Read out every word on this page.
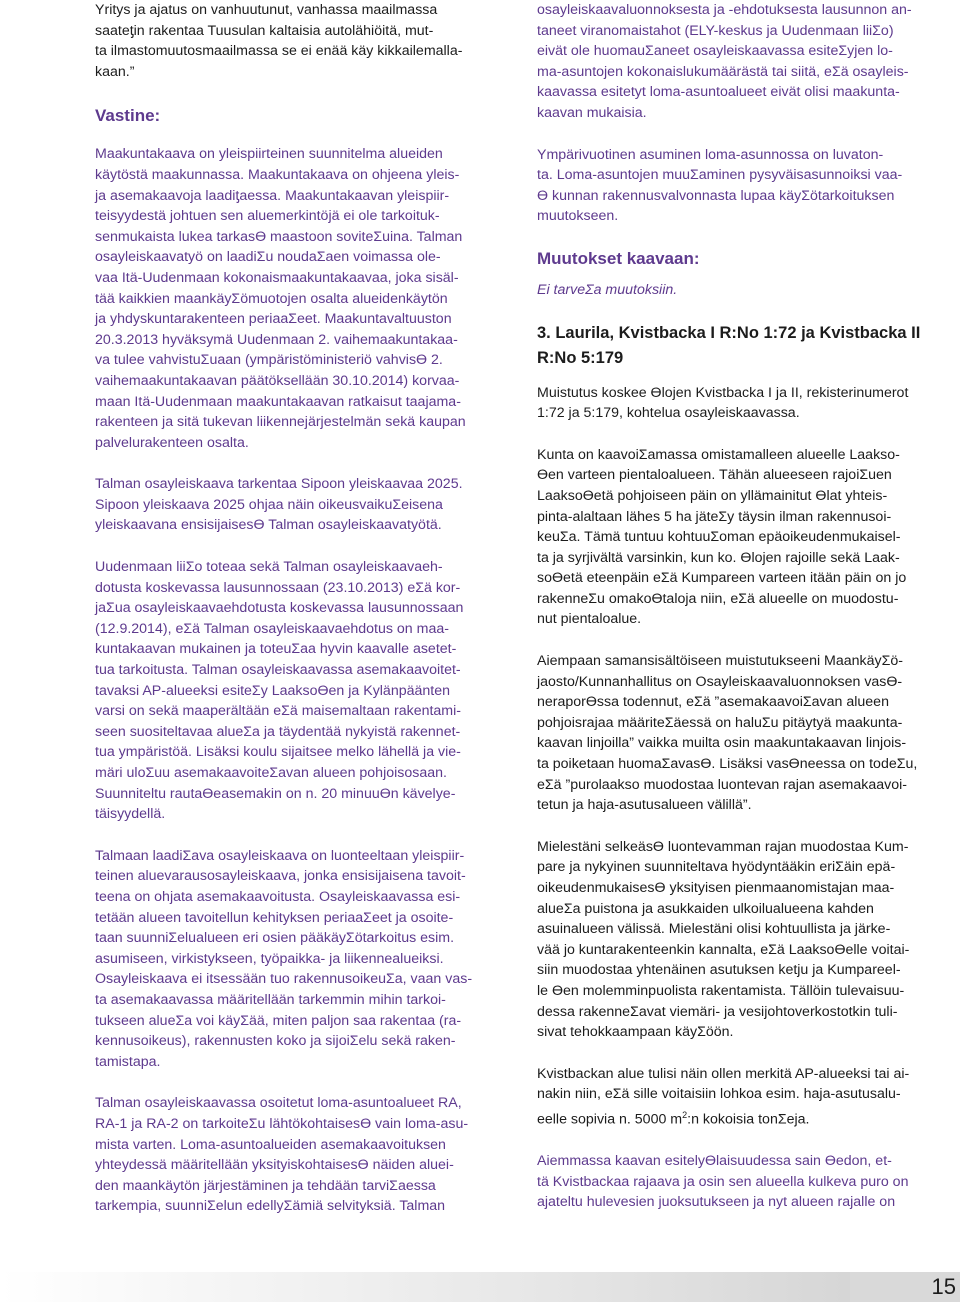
Yritys ja ajatus on vanhuutunut, vanhassa maailmassa
saateƫin rakentaa Tuusulan kaltaisia autolähiöitä, mut-
ta ilmastomuutosmaailmassa se ei enää käy kikkailemalla-
kaan.”

Vastine:

Maakuntakaava on yleispiirteinen suunnitelma alueiden
käytöstä maakunnassa. Maakuntakaava on ohjeena yleis-
ja asemakaavoja laadiƫaessa. Maakuntakaavan yleispiir-
teisyydestä johtuen sen aluemerkintöjä ei ole tarkoituk-
senmukaista lukea tarkasƟ maastoon soviteƩuina. Talman
osayleiskaavatyö on laadiƩu noudaƩaen voimassa ole-
vaa Itä-Uudenmaan kokonaismaakuntakaavaa, joka sisäl-
tää kaikkien maankäyƩömuotojen osalta alueidenkäytön
ja yhdyskuntarakenteen periaaƩeet. Maakuntavaltuuston
20.3.2013 hyväksymä Uudenmaan 2. vaihemaakuntakaa-
va tulee vahvistuƩuaan (ympäristöministeriö vahvisƟ 2.
vaihemaakuntakaavan päätöksellään 30.10.2014) korvaa-
maan Itä-Uudenmaan maakuntakaavan ratkaisut taajama-
rakenteen ja sitä tukevan liikennejärjestelmän sekä kaupan
palvelurakenteen osalta.

Talman osayleiskaava tarkentaa Sipoon yleiskaavaa 2025.
Sipoon yleiskaava 2025 ohjaa näin oikeusvaikuƩeisena
yleiskaavana ensisijaisesƟ Talman osayleiskaavatyötä.

Uudenmaan liiƩo toteaa sekä Talman osayleiskaavaeh-
dotusta koskevassa lausunnossaan (23.10.2013) eƩä kor-
jaƩua osayleiskaavaehdotusta koskevassa lausunnossaan
(12.9.2014), eƩä Talman osayleiskaavaehdotus on maa-
kuntakaavan mukainen ja toteuƩaa hyvin kaavalle asetet-
tua tarkoitusta. Talman osayleiskaavassa asemakaavoitet-
tavaksi AP-alueeksi esiteƩy LaaksoƟen ja Kylänpäänten
varsi on sekä maaperältään eƩä maisemaltaan rakentami-
seen suositeltavaa alueƩa ja täydentää nykyistä rakennet-
tua ympäristöä. Lisäksi koulu sijaitsee melko lähellä ja vie-
märi uloƩuu asemakaavoiteƩavan alueen pohjoisosaan.
Suunniteltu rautaƟeasemakin on n. 20 minuuƟn kävelye-
täisyydellä.

Talmaan laadiƩava osayleiskaava on luonteeltaan yleispiir-
teinen aluevarausosayleiskaava, jonka ensisijaisena tavoit-
teena on ohjata asemakaavoitusta. Osayleiskaavassa esi-
tetään alueen tavoitellun kehityksen periaaƩeet ja osoite-
taan suunniƩelualueen eri osien pääkäyƩötarkoitus esim.
asumiseen, virkistykseen, työpaikka- ja liikennealueiksi.
Osayleiskaava ei itsessään tuo rakennusoikeuƩa, vaan vas-
ta asemakaavassa määritellään tarkemmin mihin tarkoi-
tukseen alueƩa voi käyƩää, miten paljon saa rakentaa (ra-
kennusoikeus), rakennusten koko ja sijoiƩelu sekä raken-
tamistapa.

Talman osayleiskaavassa osoitetut loma-asuntoalueet RA,
RA-1 ja RA-2 on tarkoiteƩu lähtökohtaisesƟ vain loma-asu-
mista varten. Loma-asuntoalueiden asemakaavoituksen
yhteydessä määritellään yksityiskohtaisesƟ näiden aluei-
den maankäytön järjestäminen ja tehdään tarviƩaessa
tarkempia, suunniƩelun edellyƩämiä selvityksiä. Talman

osayleiskaavaluonnoksesta ja -ehdotuksesta lausunnon an-
taneet viranomaistahot (ELY-keskus ja Uudenmaan liiƩo)
eivät ole huomauƩaneet osayleiskaavassa esiteƩyjen lo-
ma-asuntojen kokonaislukumäärästä tai siitä, eƩä osayleis-
kaavassa esitetyt loma-asuntoalueet eivät olisi maakunta-
kaavan mukaisia.

Ympärivuotinen asuminen loma-asunnossa on luvaton-
ta. Loma-asuntojen muuƩaminen pysyväisasunnoiksi vaa-
Ɵ kunnan rakennusvalvonnasta lupaa käyƩötarkoituksen
muutokseen.

Muutokset kaavaan:

Ei tarveƩa muutoksiin.

3. Laurila, Kvistbacka I R:No 1:72 ja Kvistbacka II
R:No 5:179

Muistutus koskee Ɵlojen Kvistbacka I ja II, rekisterinumerot
1:72 ja 5:179, kohtelua osayleiskaavassa.

Kunta on kaavoiƩamassa omistamalleen alueelle Laakso-
Ɵen varteen pientaloalueen. Tähän alueeseen rajoiƩuen
LaaksoƟetä pohjoiseen päin on yllämainitut Ɵlat yhteis-
pinta-alaltaan lähes 5 ha jäteƩy täysin ilman rakennusoi-
keuƩa. Tämä tuntuu kohtuuƩoman epäoikeudenmukaisel-
ta ja syrjivältä varsinkin, kun ko. Ɵlojen rajoille sekä Laak-
soƟetä eteenpäin eƩä Kumpareen varteen itään päin on jo
rakenneƩu omakoƟtaloja niin, eƩä alueelle on muodostu-
nut pientaloalue.

Aiempaan samansisältöiseen muistutukseeni MaankäyƩö-
jaosto/Kunnanhallitus on Osayleiskaavaluonnoksen vasƟ-
neraporƟssa todennut, eƩä ”asemakaavoiƩavan alueen
pohjoisrajaa määriteƩäessä on haluƩu pitäytyä maakunta-
kaavan linjoilla” vaikka muilta osin maakuntakaavan linjois-
ta poiketaan huomaƩavasƟ. Lisäksi vasƟneessa on todeƩu,
eƩä ”purolaakso muodostaa luontevan rajan asemakaavoi-
tetun ja haja-asutusalueen välillä”.

Mielestäni selkeäsƟ luontevamman rajan muodostaa Kum-
pare ja nykyinen suunniteltava hyödyntääkin eriƩäin epä-
oikeudenmukaisesƟ yksityisen pienmaanomistajan maa-
alueƩa puistona ja asukkaiden ulkoilualueena kahden
asuinalueen välissä. Mielestäni olisi kohtuullista ja järke-
vää jo kuntarakenteenkin kannalta, eƩä LaaksoƟelle voitai-
siin muodostaa yhtenäinen asutuksen ketju ja Kumpareel-
le Ɵen molemminpuolista rakentamista. Tällöin tulevaisuu-
dessa rakenneƩavat viemäri- ja vesijohtoverkostotkin tuli-
sivat tehokkaampaan käyƩöön.

Kvistbackan alue tulisi näin ollen merkitä AP-alueeksi tai ai-
nakin niin, eƩä sille voitaisiin lohkoa esim. haja-asutusalu-
eelle sopivia n. 5000 $m^2:n$ kokoisia tonƩeja.

Aiemmassa kaavan esitelyƟlaisuudessa sain Ɵedon, et-
tä Kvistbackaa rajaava ja osin sen alueella kulkeva puro on
ajateltu hulevesien juoksutukseen ja nyt alueen rajalle on

15
